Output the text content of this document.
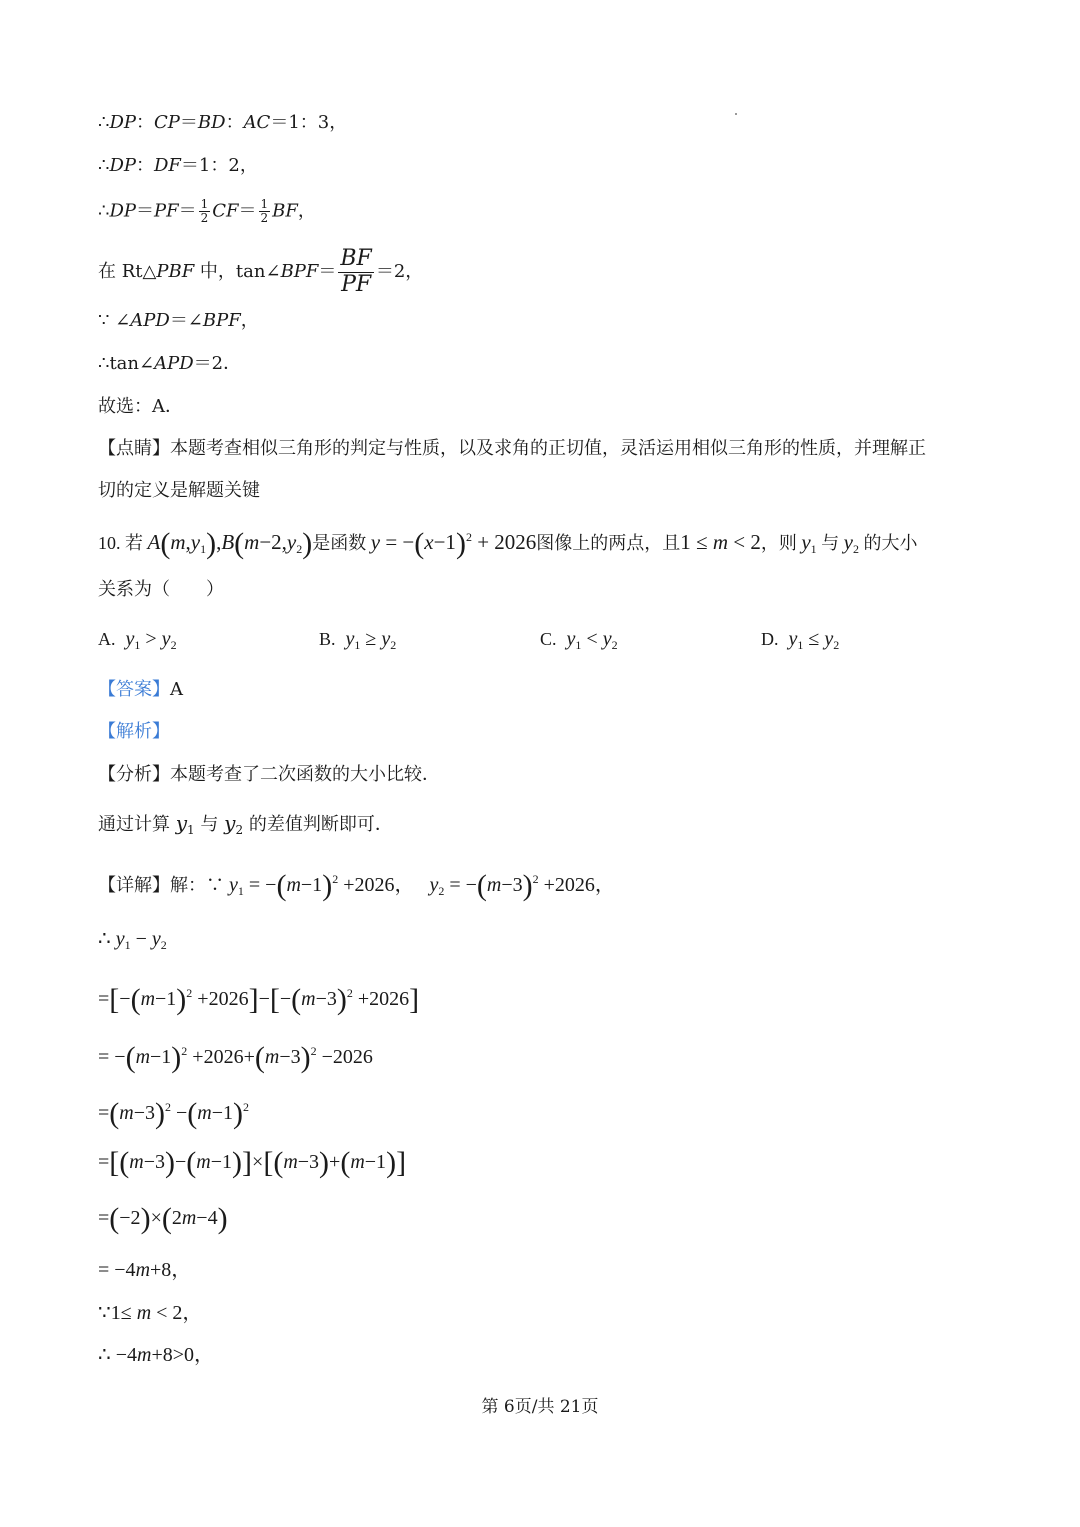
∴DP：CP＝BD：AC＝1：3，
∴DP：DF＝1：2，
∴DP＝PF＝ $\frac{1}{2} CF= \frac{1}{2}$ BF，
在 Rt△PBF 中，tan∠BPF＝ $\frac{BF}{PF} =2$，
∵ ∠APD＝∠BPF，
∴tan∠APD＝2．
故选：A．
【点睛】本题考查相似三角形的判定与性质，以及求角的正切值，灵活运用相似三角形的性质，并理解正
切的定义是解题关键
10. 若 $A(m,y_1),B(m-2,y_2)$是函数 $y = -(x-1)^2 + 2026$图像上的两点，且1 ≤ m < 2，则 $y_1$ 与 $y_2$ 的大小
关系为（　　）
A. $y_1 > y_2$	B. $y_1 \ge y_2$	C. $y_1 < y_2$	D. $y_1 \le y_2$
【答案】A
【解析】
【分析】本题考查了二次函数的大小比较．
通过计算 $y_1$ 与 $y_2$ 的差值判断即可．
【详解】解：∵ $y_1 = -(m-1)^2 +2026$，   $y_2 = -(m-3)^2 +2026$，
∴ $y_1 - y_2$
$=[-(m-1)^2 +2026]-[-(m-3)^2 +2026]$
= $-(m-1)^2 +2026+(m-3)^2 -2026$
$=(m-3)^2 -(m-1)^2$
=[(m−3)−(m−1)]×[(m−3)+(m−1)]
=(−2)×(2m−4)
= −4m+8，
∵1≤ m < 2，
∴ −4m+8>0，
第 6页/共 21页
